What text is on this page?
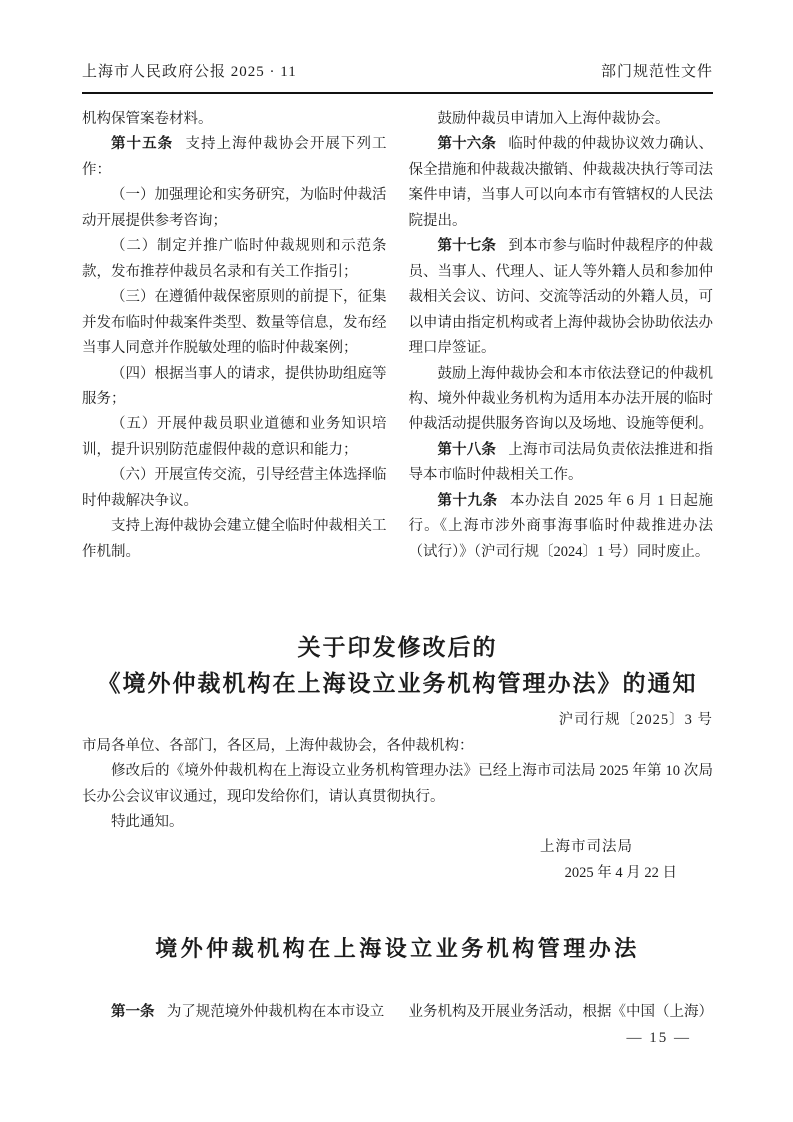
上海市人民政府公报 2025 · 11	部门规范性文件

机构保管案卷材料。

第十五条 支持上海仲裁协会开展下列工作：

（一）加强理论和实务研究，为临时仲裁活动开展提供参考咨询；

（二）制定并推广临时仲裁规则和示范条款，发布推荐仲裁员名录和有关工作指引；

（三）在遵循仲裁保密原则的前提下，征集并发布临时仲裁案件类型、数量等信息，发布经当事人同意并作脱敏处理的临时仲裁案例；

（四）根据当事人的请求，提供协助组庭等服务；

（五）开展仲裁员职业道德和业务知识培训，提升识别防范虚假仲裁的意识和能力；

（六）开展宣传交流，引导经营主体选择临时仲裁解决争议。

支持上海仲裁协会建立健全临时仲裁相关工作机制。

鼓励仲裁员申请加入上海仲裁协会。

第十六条 临时仲裁的仲裁协议效力确认、保全措施和仲裁裁决撤销、仲裁裁决执行等司法案件申请，当事人可以向本市有管辖权的人民法院提出。

第十七条 到本市参与临时仲裁程序的仲裁员、当事人、代理人、证人等外籍人员和参加仲裁相关会议、访问、交流等活动的外籍人员，可以申请由指定机构或者上海仲裁协会协助依法办理口岸签证。

鼓励上海仲裁协会和本市依法登记的仲裁机构、境外仲裁业务机构为适用本办法开展的临时仲裁活动提供服务咨询以及场地、设施等便利。

第十八条 上海市司法局负责依法推进和指导本市临时仲裁相关工作。

第十九条 本办法自 2025 年 6 月 1 日起施行。《上海市涉外商事海事临时仲裁推进办法（试行）》（沪司行规〔2024〕1 号）同时废止。

关于印发修改后的
《境外仲裁机构在上海设立业务机构管理办法》的通知
沪司行规〔2025〕3 号

市局各单位、各部门，各区局，上海仲裁协会，各仲裁机构：

修改后的《境外仲裁机构在上海设立业务机构管理办法》已经上海市司法局 2025 年第 10 次局长办公会议审议通过，现印发给你们，请认真贯彻执行。

特此通知。

上海市司法局

2025 年 4 月 22 日

境外仲裁机构在上海设立业务机构管理办法

第一条 为了规范境外仲裁机构在本市设立 业务机构及开展业务活动，根据《中国（上海）

— 15 —
